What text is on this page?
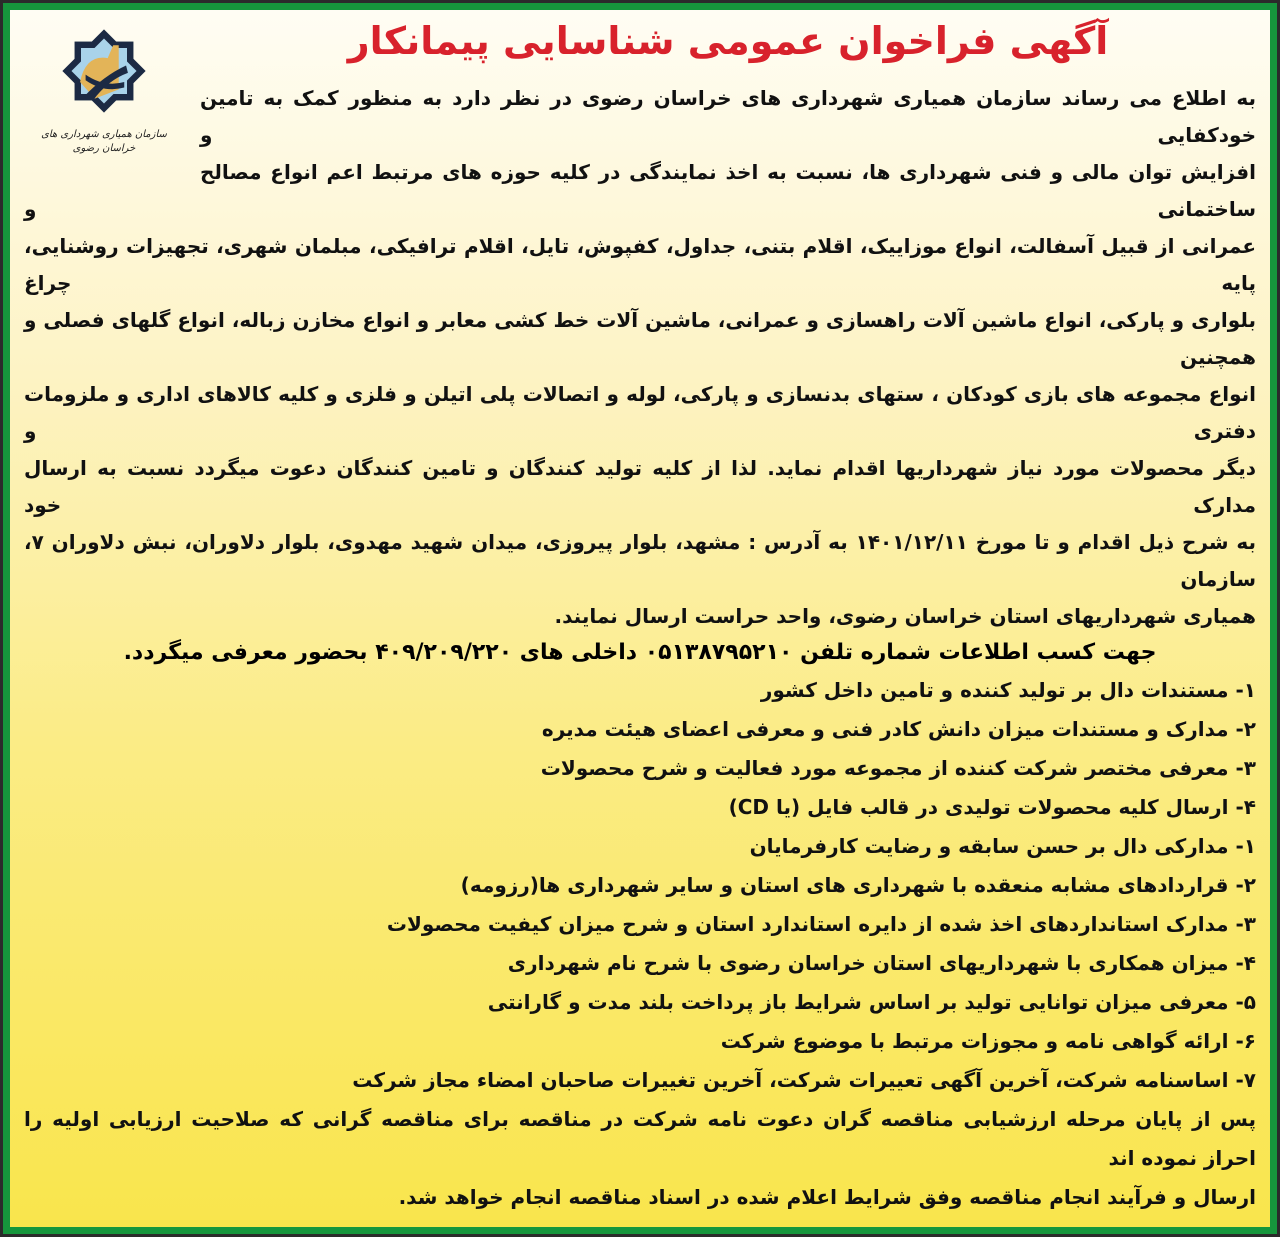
سازمان همیاری شهرداری های خراسان رضوی
آگهی فراخوان عمومی شناسایی پیمانکار
به اطلاع می رساند سازمان همیاری شهرداری های خراسان رضوی در نظر دارد به منظور کمک به تامین خودکفایی و
افزایش توان مالی و فنی شهرداری ها، نسبت به اخذ نمایندگی در کلیه حوزه های مرتبط اعم انواع مصالح ساختمانی و
عمرانی از قبیل آسفالت، انواع موزاییک، اقلام بتنی، جداول، کفپوش، تایل، اقلام ترافیکی، مبلمان شهری، تجهیزات روشنایی، پایه چراغ
بلواری و پارکی، انواع ماشین آلات راهسازی و عمرانی، ماشین آلات خط کشی معابر و انواع مخازن زباله، انواع گلهای فصلی و همچنین
انواع مجموعه های بازی کودکان ، ستهای بدنسازی و پارکی، لوله و اتصالات پلی اتیلن و فلزی و کلیه کالاهای اداری و ملزومات دفتری و
دیگر محصولات مورد نیاز شهرداریها اقدام نماید. لذا از کلیه تولید کنندگان و تامین کنندگان دعوت میگردد نسبت به ارسال مدارک خود
به شرح ذیل اقدام و تا مورخ ۱۴۰۱/۱۲/۱۱ به آدرس : مشهد، بلوار پیروزی، میدان شهید مهدوی، بلوار دلاوران، نبش دلاوران ۷، سازمان
همیاری شهرداریهای استان خراسان رضوی، واحد حراست ارسال نمایند.
جهت کسب اطلاعات شماره تلفن ۰۵۱۳۸۷۹۵۲۱۰ داخلی های ۴۰۹/۲۰۹/۲۲۰ بحضور معرفی میگردد.
۱- مستندات دال بر تولید کننده و تامین داخل کشور
۲- مدارک و مستندات میزان دانش کادر فنی و معرفی اعضای هیئت مدیره
۳- معرفی مختصر شرکت کننده از مجموعه مورد فعالیت و شرح محصولات
۴- ارسال کلیه محصولات تولیدی در قالب فایل (یا CD)
۱- مدارکی دال بر حسن سابقه و رضایت کارفرمایان
۲- قراردادهای مشابه منعقده با شهرداری های استان و سایر شهرداری ها(رزومه)
۳- مدارک استانداردهای اخذ شده از دایره استاندارد استان و شرح میزان کیفیت محصولات
۴- میزان همکاری با شهرداریهای استان خراسان رضوی با شرح نام شهرداری
۵- معرفی میزان توانایی تولید بر اساس شرایط باز پرداخت بلند مدت و گارانتی
۶- ارائه گواهی نامه و مجوزات مرتبط با موضوع شرکت
۷- اساسنامه شرکت، آخرین آگهی تعییرات شرکت، آخرین تغییرات صاحبان امضاء مجاز شرکت
پس از پایان مرحله ارزشیابی مناقصه گران دعوت نامه شرکت در مناقصه برای مناقصه گرانی که صلاحیت ارزیابی اولیه را احراز نموده اند
ارسال و فرآیند انجام مناقصه وفق شرایط اعلام شده در اسناد مناقصه انجام خواهد شد.
